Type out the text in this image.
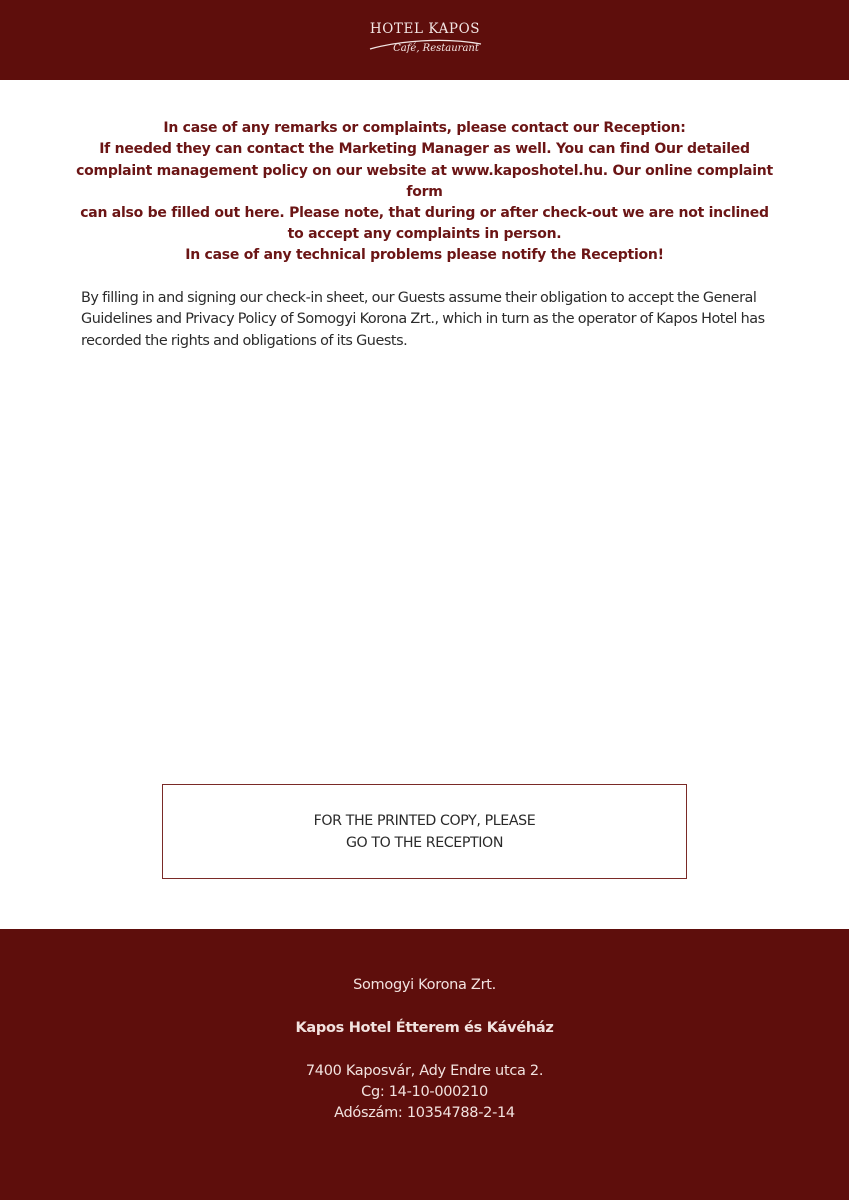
HOTEL KAPOS
Café, Restaurant
In case of any remarks or complaints, please contact our Reception:
If needed they can contact the Marketing Manager as well. You can find Our detailed
complaint management policy on our website at www.kaposhotel.hu. Our online complaint form
can also be filled out here. Please note, that during or after check-out we are not inclined
to accept any complaints in person.
In case of any technical problems please notify the Reception!
By filling in and signing our check-in sheet, our Guests assume their obligation to accept the General
Guidelines and Privacy Policy of Somogyi Korona Zrt., which in turn as the operator of Kapos Hotel has
recorded the rights and obligations of its Guests.
FOR THE PRINTED COPY, PLEASE
GO TO THE RECEPTION
Somogyi Korona Zrt.
Kapos Hotel Étterem és Kávéház
7400 Kaposvár, Ady Endre utca 2.
Cg: 14-10-000210
Adószám: 10354788-2-14
